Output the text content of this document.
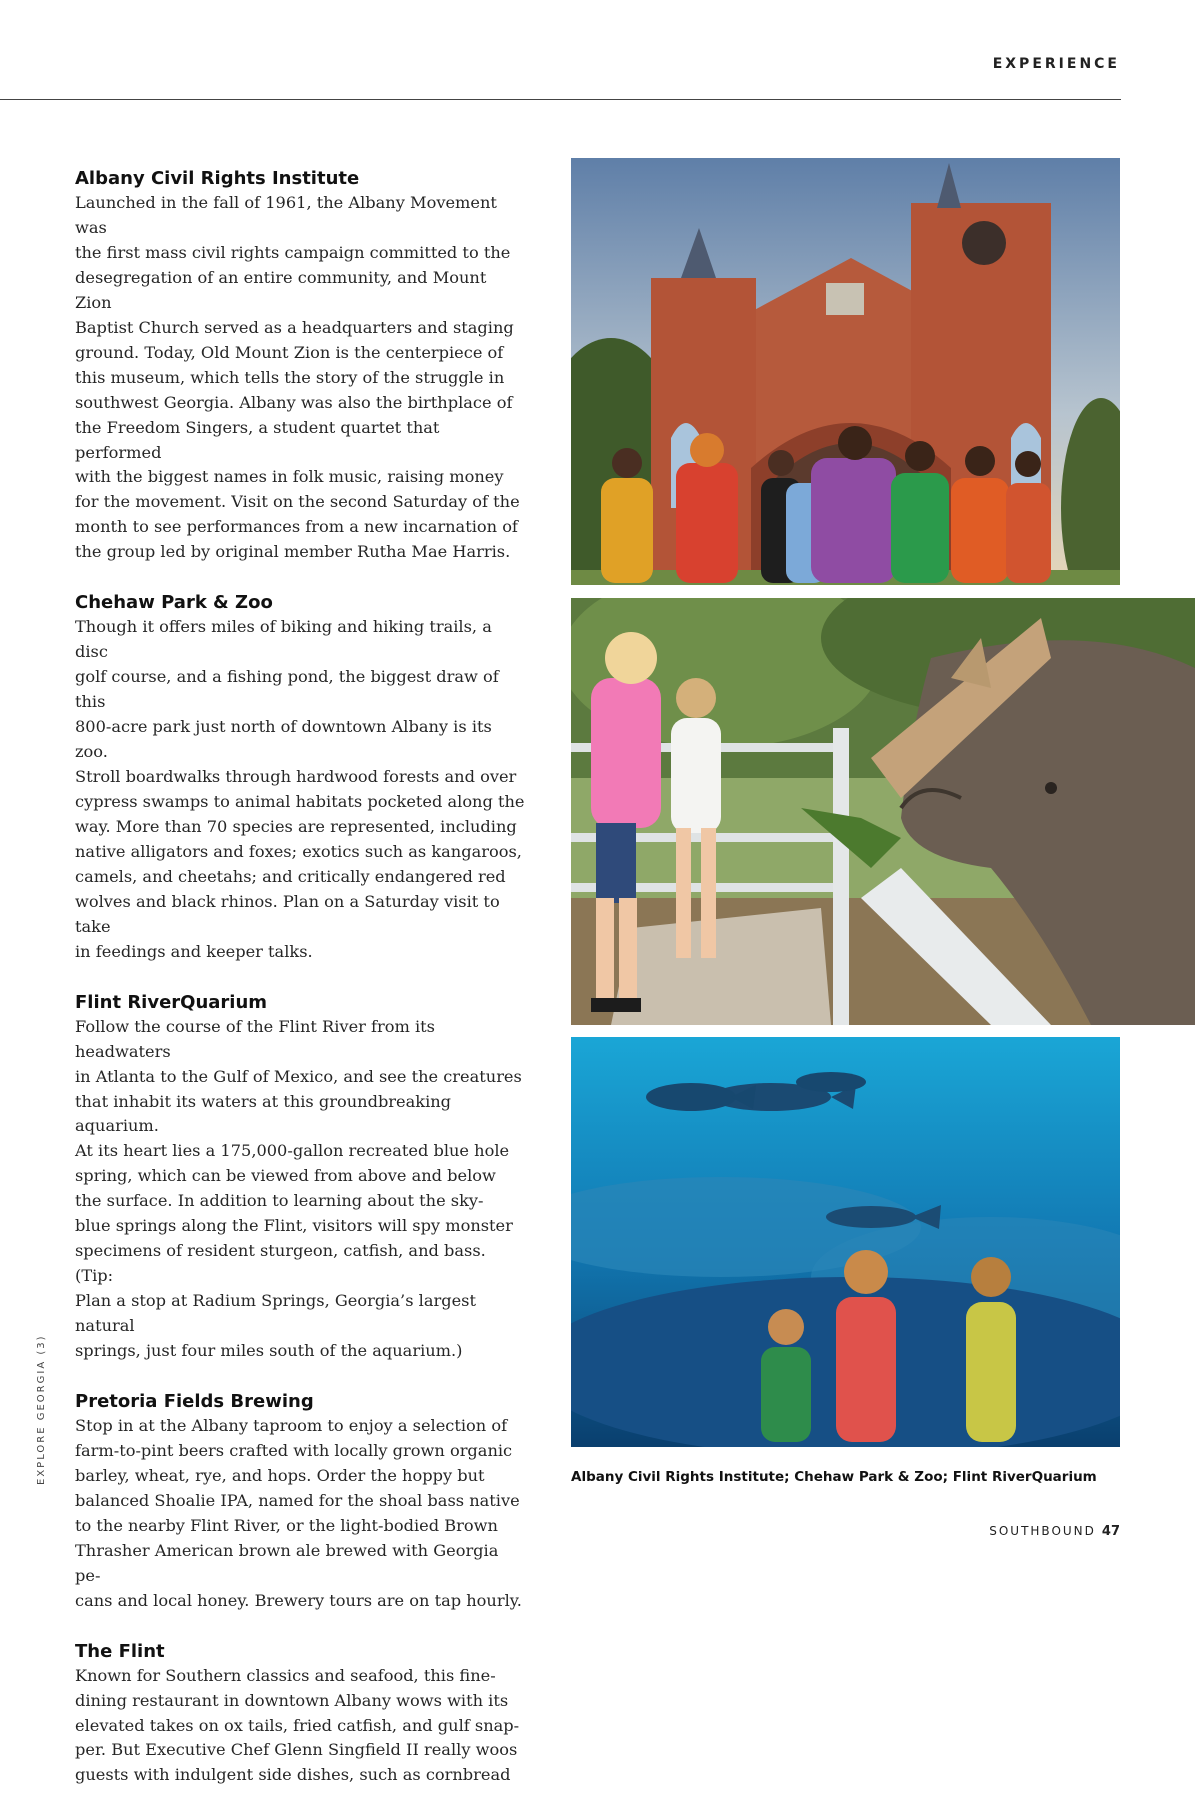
EXPERIENCE
Albany Civil Rights Institute

Launched in the fall of 1961, the Albany Movement was
the first mass civil rights campaign committed to the
desegregation of an entire community, and Mount Zion
Baptist Church served as a headquarters and staging
ground. Today, Old Mount Zion is the centerpiece of
this museum, which tells the story of the struggle in
southwest Georgia. Albany was also the birthplace of
the Freedom Singers, a student quartet that performed
with the biggest names in folk music, raising money
for the movement. Visit on the second Saturday of the
month to see performances from a new incarnation of
the group led by original member Rutha Mae Harris.

Chehaw Park & Zoo

Though it offers miles of biking and hiking trails, a disc
golf course, and a fishing pond, the biggest draw of this
800-acre park just north of downtown Albany is its zoo.
Stroll boardwalks through hardwood forests and over
cypress swamps to animal habitats pocketed along the
way. More than 70 species are represented, including
native alligators and foxes; exotics such as kangaroos,
camels, and cheetahs; and critically endangered red
wolves and black rhinos. Plan on a Saturday visit to take
in feedings and keeper talks.

Flint RiverQuarium

Follow the course of the Flint River from its headwaters
in Atlanta to the Gulf of Mexico, and see the creatures
that inhabit its waters at this groundbreaking aquarium.
At its heart lies a 175,000-gallon recreated blue hole
spring, which can be viewed from above and below
the surface. In addition to learning about the sky-
blue springs along the Flint, visitors will spy monster
specimens of resident sturgeon, catfish, and bass. (Tip:
Plan a stop at Radium Springs, Georgia’s largest natural
springs, just four miles south of the aquarium.)

Pretoria Fields Brewing

Stop in at the Albany taproom to enjoy a selection of
farm-to-pint beers crafted with locally grown organic
barley, wheat, rye, and hops. Order the hoppy but
balanced Shoalie IPA, named for the shoal bass native
to the nearby Flint River, or the light-bodied Brown
Thrasher American brown ale brewed with Georgia pe-
cans and local honey. Brewery tours are on tap hourly.

The Flint

Known for Southern classics and seafood, this fine-
dining restaurant in downtown Albany wows with its
elevated takes on ox tails, fried catfish, and gulf snap-
per. But Executive Chef Glenn Singfield II really woos
guests with indulgent side dishes, such as cornbread

Albany Civil Rights Institute; Chehaw Park & Zoo; Flint RiverQuarium
EXPLORE GEORGIA (3)
SOUTHBOUND 47
